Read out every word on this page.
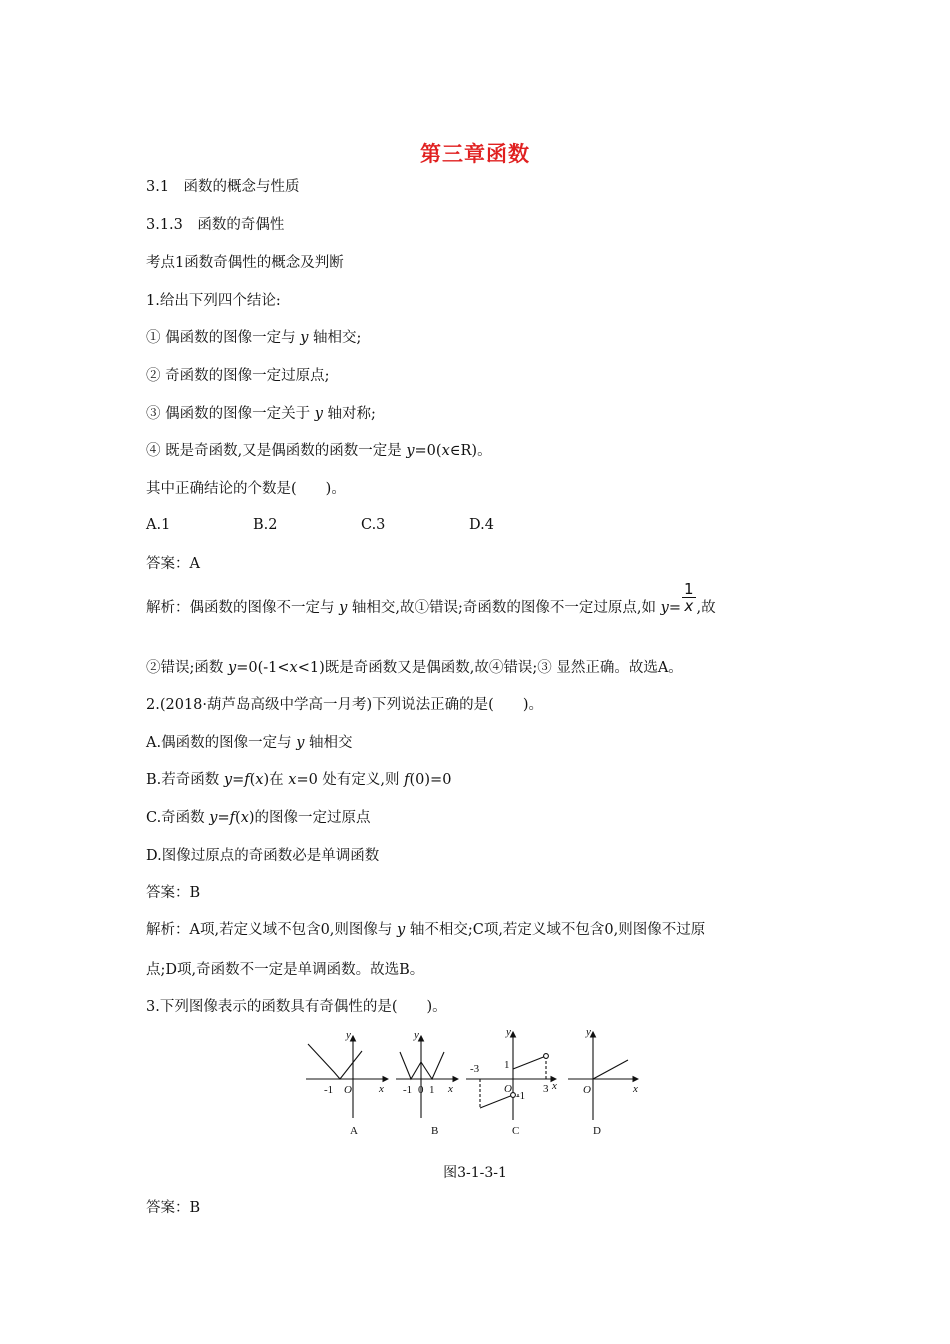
第三章函数
3.1　函数的概念与性质
3.1.3　函数的奇偶性
考点1函数奇偶性的概念及判断
1.给出下列四个结论:
① 偶函数的图像一定与 y 轴相交;
② 奇函数的图像一定过原点;
③ 偶函数的图像一定关于 y 轴对称;
④ 既是奇函数,又是偶函数的函数一定是 y=0(x∈R)。
其中正确结论的个数是(　　)。
A.1	B.2	C.3	D.4
答案：A
解析：偶函数的图像不一定与 y 轴相交,故①错误;奇函数的图像不一定过原点,如 $y= \frac{1}{x}$ ,故
②错误;函数 y=0(-1<x<1)既是奇函数又是偶函数,故④错误;③ 显然正确。故选A。
2.(2018·葫芦岛高级中学高一月考)下列说法正确的是(　　)。
A.偶函数的图像一定与 y 轴相交
B.若奇函数 y=f(x)在 x=0 处有定义,则 f(0)=0
C.奇函数 y=f(x)的图像一定过原点
D.图像过原点的奇函数必是单调函数
答案：B
解析：A项,若定义域不包含0,则图像与 y 轴不相交;C项,若定义域不包含0,则图像不过原
点;D项,奇函数不一定是单调函数。故选B。
3.下列图像表示的函数具有奇偶性的是(　　)。
y
x
-1 O
y
x
-1 0 1
y
x
-3 1
O	3
-1
y
x
O
A	B	C	D
图3-1-3-1
答案：B
